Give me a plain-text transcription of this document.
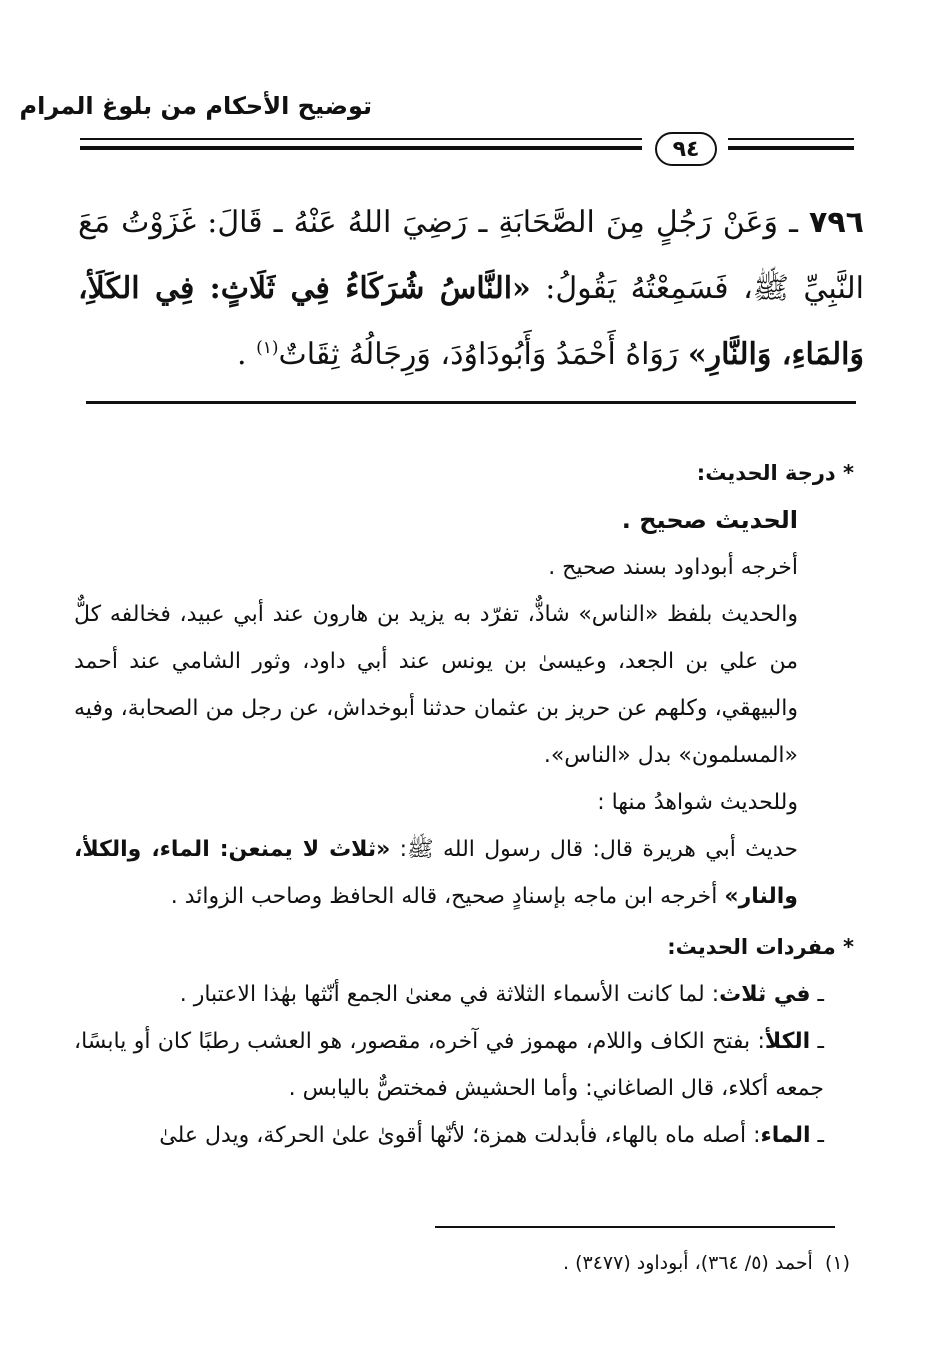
توضيح الأحكام من بلوغ المرام
٩٤
٧٩٦ ـ وَعَنْ رَجُلٍ مِنَ الصَّحَابَةِ ـ رَضِيَ اللهُ عَنْهُ ـ قَالَ: غَزَوْتُ مَعَ النَّبِيِّ ﷺ، فَسَمِعْتُهُ يَقُولُ: «النَّاسُ شُرَكَاءُ فِي ثَلَاثٍ: فِي الكَلَأِ، وَالمَاءِ، وَالنَّارِ» رَوَاهُ أَحْمَدُ وَأَبُودَاوُدَ، وَرِجَالُهُ ثِقَاتٌ$^{(١)}$ .

* درجة الحديث:

الحديث صحيح .

أخرجه أبوداود بسند صحيح .

والحديث بلفظ «الناس» شاذٌّ، تفرّد به يزيد بن هارون عند أبي عبيد، فخالفه كلٌّ من علي بن الجعد، وعيسىٰ بن يونس عند أبي داود، وثور الشامي عند أحمد والبيهقي، وكلهم عن حريز بن عثمان حدثنا أبوخداش، عن رجل من الصحابة، وفيه «المسلمون» بدل «الناس».

وللحديث شواهدُ منها :

حديث أبي هريرة قال: قال رسول الله ﷺ: «ثلاث لا يمنعن: الماء، والكلأ، والنار» أخرجه ابن ماجه بإسنادٍ صحيح، قاله الحافظ وصاحب الزوائد .

* مفردات الحديث:

ـ في ثلاث: لما كانت الأسماء الثلاثة في معنىٰ الجمع أنّثها بهٰذا الاعتبار .

ـ الكلأ: بفتح الكاف واللام، مهموز في آخره، مقصور، هو العشب رطبًا كان أو يابسًا، جمعه أكلاء، قال الصاغاني: وأما الحشيش فمختصٌّ باليابس .

ـ الماء: أصله ماه بالهاء، فأبدلت همزة؛ لأنّها أقوىٰ علىٰ الحركة، ويدل علىٰ

(١)  أحمد (٥/ ٣٦٤)، أبوداود (٣٤٧٧) .
